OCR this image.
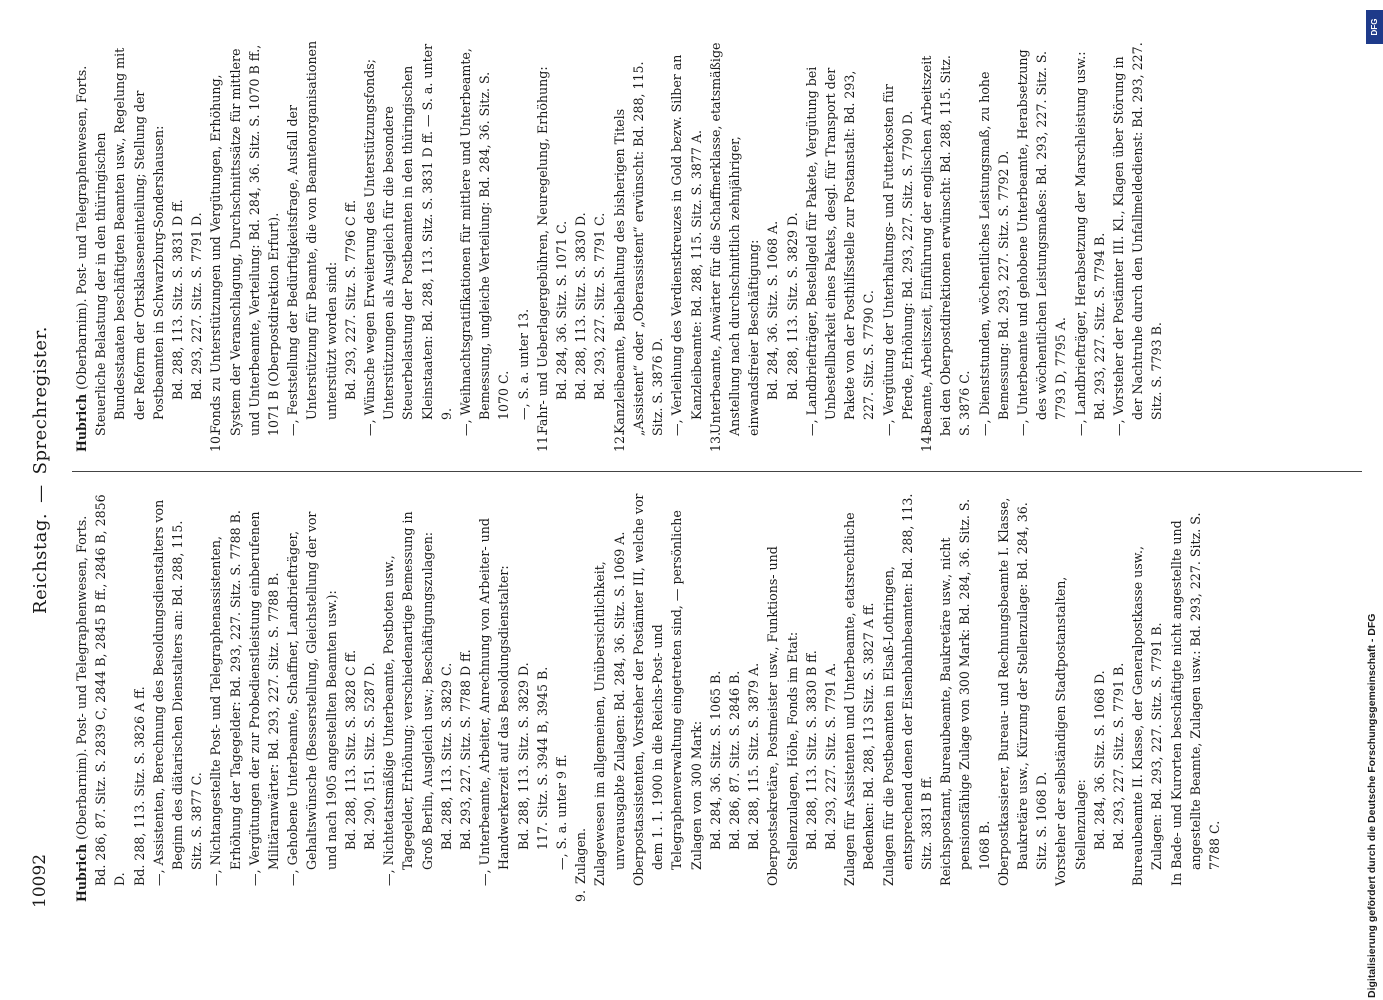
10092
Reichstag.—Sprechregister.

Hubrich (Oberbarnim). Post- und Telegraphenwesen, Forts. Bd. 286, 87. Sitz. S. 2839 C, 2844 B, 2845 B ff., 2846 B, 2856 D. Bd. 288, 113. Sitz. S. 3826 A ff. —, Assistenten, Berechnung des Besoldungsdienstalters von Beginn des diätarischen Dienstalters an: Bd. 288, 115. Sitz. S. 3877 C. —, Nichtangestellte Post- und Telegraphenassistenten, Erhöhung der Tagegelder: Bd. 293, 227. Sitz. S. 7788 B. —, Vergütungen der zur Probedienstleistung einberufenen Militäranwärter: Bd. 293, 227. Sitz. S. 7788 B. —, Gehobene Unterbeamte, Schaffner, Landbriefträger, Gehaltswünsche (Besserstellung, Gleichstellung der vor und nach 1905 angestellten Beamten usw.): Bd. 288, 113. Sitz. S. 3828 C ff. Bd. 290, 151. Sitz. S. 5287 D. —, Nichtetatsmäßige Unterbeamte, Postboten usw., Tagegelder, Erhöhung; verschiedenartige Bemessung in Groß Berlin, Ausgleich usw.; Beschäftigungszulagen: Bd. 288, 113. Sitz. S. 3829 C. Bd. 293, 227. Sitz. S. 7788 D ff. —, Unterbeamte, Arbeiter, Anrechnung von Arbeiter- und Handwerkerzeit auf das Besoldungsdienstalter: Bd. 288, 113. Sitz. S. 3829 D. 117. Sitz. S. 3944 B, 3945 B. —, S. a. unter 9 ff.

9.Zulagen. Zulagewesen im allgemeinen, Unübersichtlichkeit, unverausgabte Zulagen: Bd. 284, 36. Sitz. S. 1069 A. Oberpostassistenten, Vorsteher der Postämter III, welche vor dem 1. 1. 1900 in die Reichs-Post- und Telegraphenverwaltung eingetreten sind, — persönliche Zulagen von 300 Mark: Bd. 284, 36. Sitz. S. 1065 B. Bd. 286, 87. Sitz. S. 2846 B. Bd. 288, 115. Sitz. S. 3879 A. Oberpostsekretäre, Postmeister usw., Funktions- und Stellenzulagen, Höhe, Fonds im Etat: Bd. 288, 113. Sitz. S. 3830 B ff. Bd. 293, 227. Sitz. S. 7791 A. Zulagen für Assistenten und Unterbeamte, etatsrechtliche Bedenken: Bd. 288, 113 Sitz. S. 3827 A ff. Zulagen für die Postbeamten in Elsaß-Lothringen, entsprechend denen der Eisenbahnbeamten: Bd. 288, 113. Sitz. 3831 B ff. Reichspostamt, Bureaubeamte, Baukretäre usw., nicht pensionsfähige Zulage von 300 Mark: Bd. 284, 36. Sitz. S. 1068 B. Oberpostkassierer, Bureau- und Rechnungsbeamte I. Klasse, Baukretäre usw., Kürzung der Stellenzulage: Bd. 284, 36. Sitz. S. 1068 D. Vorsteher der selbständigen Stadtpostanstalten, Stellenzulage: Bd. 284, 36. Sitz. S. 1068 D. Bd. 293, 227. Sitz. S. 7791 B. Bureaubeamte II. Klasse, der Generalpostkasse usw., Zulagen: Bd. 293, 227. Sitz. S. 7791 B. In Bade- und Kurorten beschäftigte nicht angestellte und angestellte Beamte, Zulagen usw.: Bd. 293, 227. Sitz. S. 7788 C.

Hubrich (Oberbarnim). Post- und Telegraphenwesen, Forts. Steuerliche Belastung der in den thüringischen Bundesstaaten beschäftigten Beamten usw., Regelung mit der Reform der Ortsklasseneinteilung; Stellung der Postbeamten in Schwarzburg-Sondershausen: Bd. 288, 113. Sitz. S. 3831 D ff. Bd. 293, 227. Sitz. S. 7791 D.

10.Fonds zu Unterstützungen und Vergütungen, Erhöhung, System der Veranschlagung, Durchschnittssätze für mittlere und Unterbeamte, Verteilung: Bd. 284, 36. Sitz. S. 1070 B ff., 1071 B (Oberpostdirektion Erfurt). —, Feststellung der Bedürftigkeitsfrage, Ausfall der Unterstützung für Beamte, die von Beamtenorganisationen unterstützt worden sind: Bd. 293, 227. Sitz. S. 7796 C ff. —, Wünsche wegen Erweiterung des Unterstützungsfonds; Unterstützungen als Ausgleich für die besondere Steuerbelastung der Postbeamten in den thüringischen Kleinstaaten: Bd. 288, 113. Sitz. S. 3831 D ff. — S. a. unter 9. —, Weihnachtsgratifikationen für mittlere und Unterbeamte, Bemessung, ungleiche Verteilung: Bd. 284, 36. Sitz. S. 1070 C. —, S. a. unter 13.

11.Fahr- und Ueberlagergebühren, Neuregelung, Erhöhung: Bd. 284, 36. Sitz. S. 1071 C. Bd. 288, 113. Sitz. S. 3830 D. Bd. 293, 227. Sitz. S. 7791 C.

12.Kanzleibeamte, Beibehaltung des bisherigen Titels „Assistent“ oder „Oberassistent“ erwünscht: Bd. 288, 115. Sitz. S. 3876 D. —, Verleihung des Verdienstkreuzes in Gold bezw. Silber an Kanzleibeamte: Bd. 288, 115. Sitz. S. 3877 A.

13.Unterbeamte, Anwärter für die Schaffnerklasse, etatsmäßige Anstellung nach durchschnittlich zehnjähriger, einwandsfreier Beschäftigung: Bd. 284, 36. Sitz. S. 1068 A. Bd. 288, 113. Sitz. S. 3829 D. —, Landbriefträger, Bestellgeld für Pakete, Vergütung bei Unbestellbarkeit eines Pakets, desgl. für Transport der Pakete von der Posthilfsstelle zur Postanstalt: Bd. 293, 227. Sitz. S. 7790 C. —, Vergütung der Unterhaltungs- und Futterkosten für Pferde, Erhöhung: Bd. 293, 227. Sitz. S. 7790 D.

14.Beamte, Arbeitszeit, Einführung der englischen Arbeitszeit bei den Oberpostdirektionen erwünscht: Bd. 288, 115. Sitz. S. 3876 C. —, Dienststunden, wöchentliches Leistungsmaß, zu hohe Bemessung: Bd. 293, 227. Sitz. S. 7792 D. —, Unterbeamte und gehobene Unterbeamte, Herabsetzung des wöchentlichen Leistungsmaßes: Bd. 293, 227. Sitz. S. 7793 D, 7795 A. —, Landbriefträger, Herabsetzung der Marschleistung usw.: Bd. 293, 227. Sitz. S. 7794 B. —, Vorsteher der Postämter III. Kl., Klagen über Störung in der Nachtruhe durch den Unfallmeldedienst: Bd. 293, 227. Sitz. S. 7793 B.

DFG
Digitalisierung gefördert durch die Deutsche Forschungsgemeinschaft - DFG
